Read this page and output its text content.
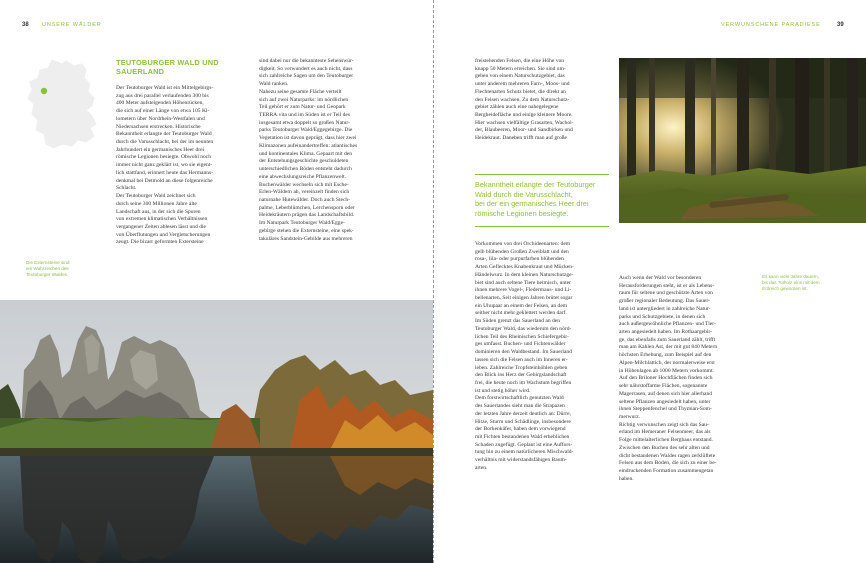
38 UNSERE WÄLDER
TEUTOBURGER WALD UND SAUERLAND
Der Teutoburger Wald ist ein Mittelgebirgs-
zug aus drei parallel verlaufenden 300 bis
400 Meter aufsteigenden Höhenrücken,
die sich auf einer Länge von etwa 105 Ki-
lometern über Nordrhein-Westfalen und
Niedersachsen erstrecken. Historische
Bekanntheit erlangte der Teutoburger Wald
durch die Varusschlacht, bei der im neunten
Jahrhundert ein germanisches Heer drei
römische Legionen besiegte. Obwohl noch
immer nicht ganz geklärt ist, wo sie eigent-
lich stattfand, erinnert heute das Hermanns-
denkmal bei Detmold an diese folgenreiche
Schlacht.
Der Teutoburger Wald zeichnet sich
durch seine 300 Millionen Jahre alte
Landschaft aus, in der sich die Spuren
von extremen klimatischen Verhältnissen
vergangener Zeiten ablesen lässt und die
von Überflutungen und Vergletscherungen
zeugt. Die bizarr geformten Extersteine
sind dabei nur die bekannteste Sehenswür-
digkeit. So verwundert es auch nicht, dass
sich zahlreiche Sagen um den Teutoburger
Wald ranken.
Nahezu seine gesamte Fläche verteilt
sich auf zwei Naturparks: im nördlichen
Teil gehört er zum Natur- und Geopark
TERRA.vita und im Süden ist er Teil des
insgesamt etwa doppelt so großen Natur-
parks Teutoburger Wald/Eggegebirge. Die
Vegetation ist davon geprägt, dass hier zwei
Klimazonen aufeinandertreffen: atlantisches
und kontinentales Klima. Gepaart mit den
der Entstehungsgeschichte geschuldeten
unterschiedlichen Böden entsteht dadurch
eine abwechslungsreiche Pflanzenwelt.
Buchenwälder wechseln sich mit Esche-
Erlen-Wäldern ab, vereinzelt finden sich
naturnahe Hutewälder. Doch auch Stech-
palme, Leberblümchen, Lerchensporn oder
Heidekräutern prägen das Landschaftsbild.
Im Naturpark Teutoburger Wald/Egge-
gebirge stehen die Externsteine, eine spek-
takuläres Sandstein-Gebilde aus mehreren
Die Externsteine sind
ein Wahrzeichen des
Teutoburger Waldes.
VERWUNSCHENE PARADIESE	39
freistehenden Felsen, die eine Höhe von
knapp 50 Metern erreichen. Sie sind um-
geben von einem Naturschutzgebiet, das
unter anderem mehreren Farn-, Moos- und
Flechtenarten Schutz bietet, die direkt an
den Felsen wachsen. Zu dem Naturschutz-
gebiet zählen auch eine nahegelegene
Bergheidefläche und einige kleinere Moore.
Hier wachsen vielfältige Grasarten, Wachol-
der, Blaubeeren, Moor- und Sandbirken und
Heidekraut. Daneben trifft man auf große
Bekanntheit erlangte der Teutoburger
Wald durch die Varusschlacht,
bei der ein germanisches Heer drei
römische Legionen besiegte.
Vorkommen von drei Orchideenarten: dem
gelb blühenden Großen Zweiblatt und den
rosa-, lila- oder purpurfarben blühenden
Arten Geflecktes Knabenkraut und Mücken-
Händelwurz. In dem kleinen Naturschutzge-
biet sind auch seltene Tiere heimisch, unter
ihnen mehrere Vogel-, Fledermaus- und Li-
bellenarten. Seit einigen Jahren brütet sogar
ein Uhupaar an einem der Felsen, an dem
seither nicht mehr geklettert werden darf.
Im Süden grenzt das Sauerland an den
Teutoburger Wald, das wiederum den nörd-
lichen Teil des Rheinischen Schiefergebir-
ges umfasst. Buchen- und Fichtenwälder
dominieren den Waldbestand. Im Sauerland
lassen sich die Felsen auch im Inneren er-
leben. Zahlreiche Tropfsteinhöhlen geben
den Blick ins Herz der Gebirgslandschaft
frei, die heute noch im Wachstum begriffen
ist und stetig höher wird.
Dem forstwirtschaftlich genutzten Wald
des Sauerlandes sieht man die Strapazen
der letzten Jahre derzeit deutlich an: Dürre,
Hitze, Sturm und Schädlinge, insbesondere
der Borkenkäfer, haben dem vorwiegend
mit Fichten bestandenen Wald erheblichen
Schaden zugefügt. Geplant ist eine Auffors-
tung hin zu einem natürlicheren Mischwald-
verhältnis mit widerstandsfähigen Baum-
arten.
Auch wenn der Wald vor besonderen
Herausforderungen steht, ist er als Lebens-
raum für seltene und geschützte Arten von
großer regionaler Bedeutung. Das Sauer-
land ist untergliedert in zahlreiche Natur-
parks und Schutzgebiete, in denen sich
auch außergewöhnliche Pflanzen- und Tier-
arten angesiedelt haben. Im Rothaargebir-
ge, das ebenfalls zum Sauerland zählt, trifft
man am Kahlen Ast, der mit gut 840 Metern
höchsten Erhebung, zum Beispiel auf den
Alpen-Milchlattich, der normalerweise erst
in Höhenlagen ab 1000 Metern vorkommt.
Auf den Briloner Hochflächen finden sich
sehr nährstoffarme Flächen, sogenannte
Magerrasen, auf denen sich hier allerhand
seltene Pflanzen angesiedelt haben, unter
ihnen Steppenfenchel und Thymian-Som-
merwurz.
Richtig verwunschen zeigt sich das Sau-
erland im Hemeraner Felsenmeer, das als
Folge mittelalterlichen Bergbaus entstand.
Zwischen den Buchen des sehr alten und
dicht bestandenen Waldes ragen zerklüftete
Felsen aus dem Boden, die sich zu einer be-
eindruckenden Formation zusammengetan
haben.
Es kann viele Jahre dauern,
bis das Totholz eins mit dem
Erdreich geworden ist.
